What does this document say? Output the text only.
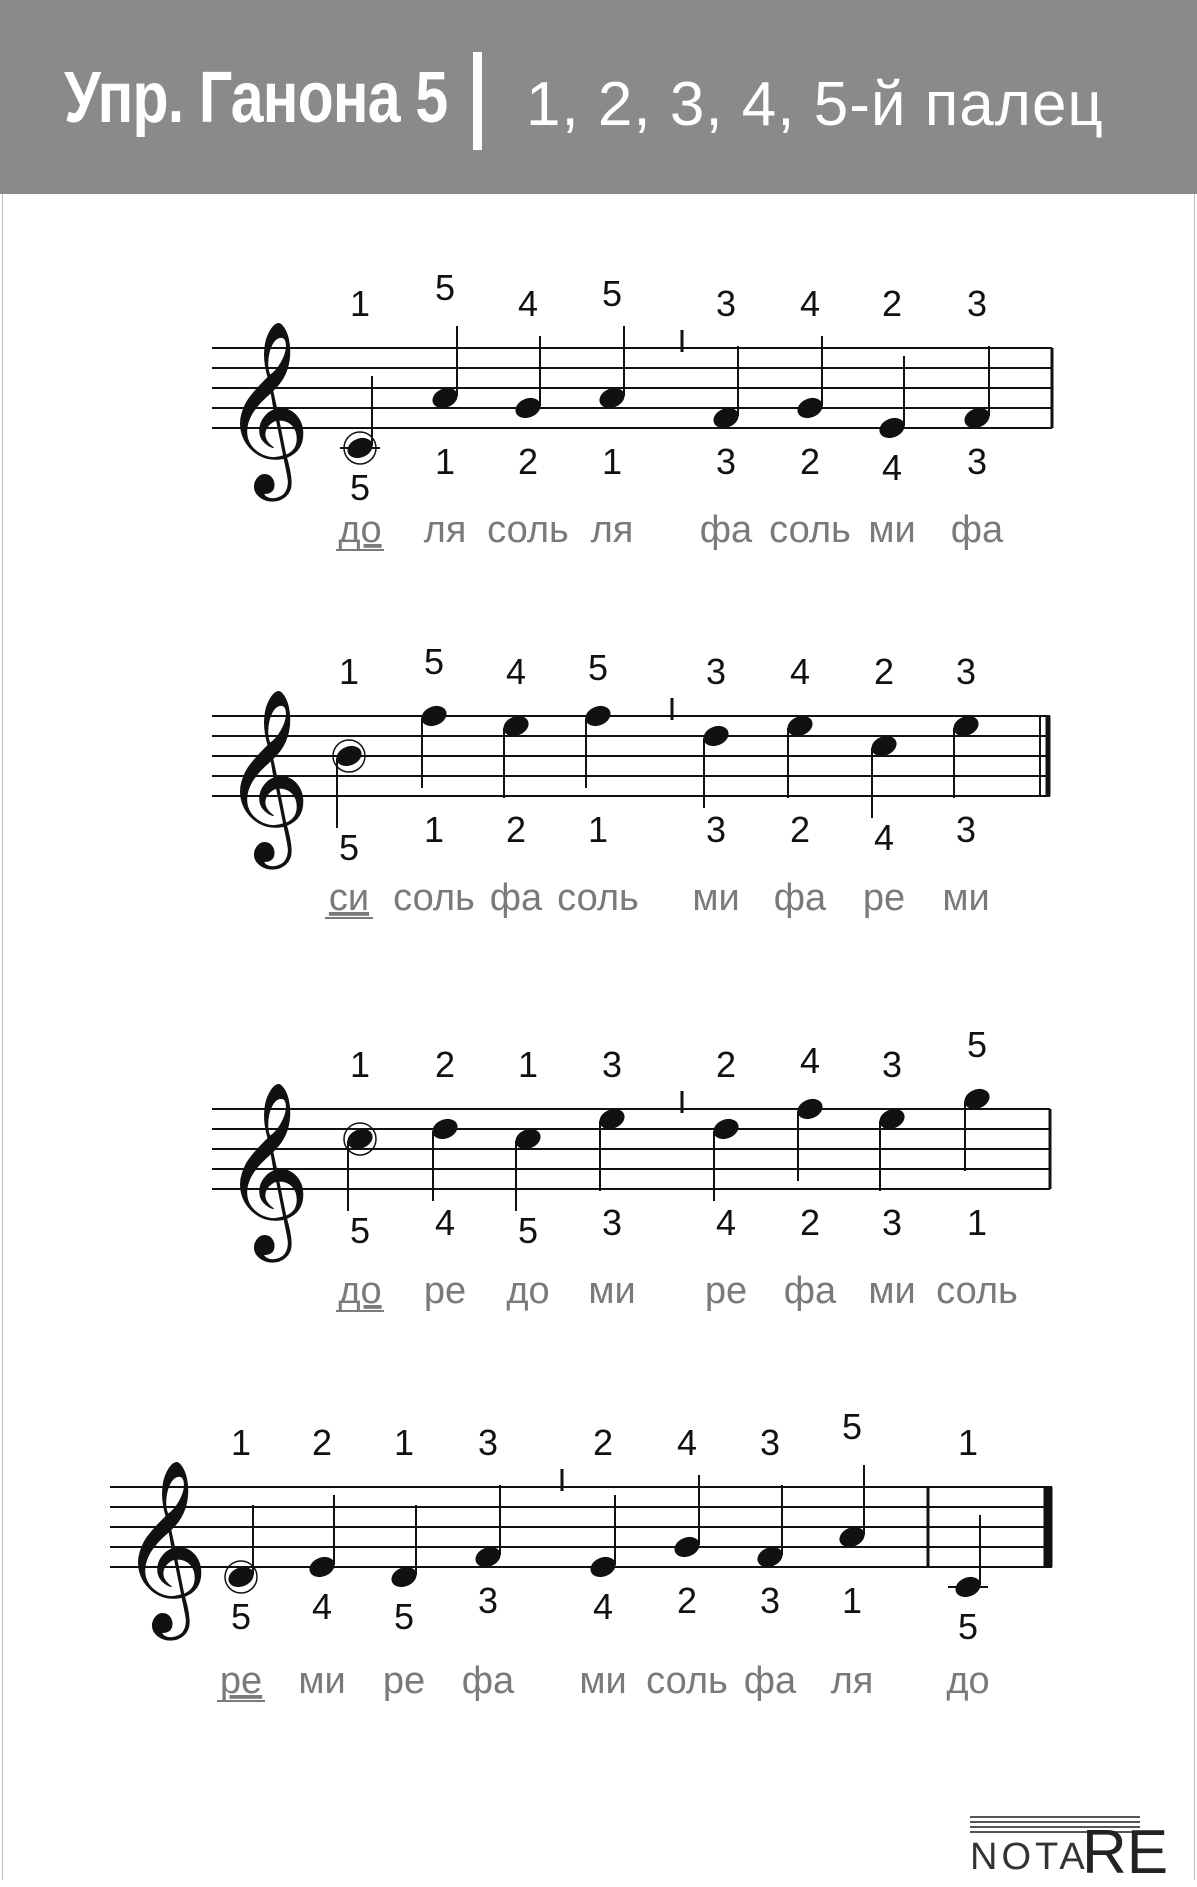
Упр. Ганона 5 1, 2, 3, 4, 5-й палец
𝄞
1
5
до
5
1
ля
4
2
соль
5
1
ля
3
3
фа
4
2
соль
2
4
ми
3
3
фа
𝄞
1
5
си
5
1
соль
4
2
фа
5
1
соль
3
3
ми
4
2
фа
2
4
ре
3
3
ми
𝄞
1
5
до
2
4
ре
1
5
до
3
3
ми
2
4
ре
4
2
фа
3
3
ми
5
1
соль
𝄞
1
5
ре
2
4
ми
1
5
ре
3
3
фа
2
4
ми
4
2
соль
3
3
фа
5
1
ля
1
5
до
NOTA
RE
